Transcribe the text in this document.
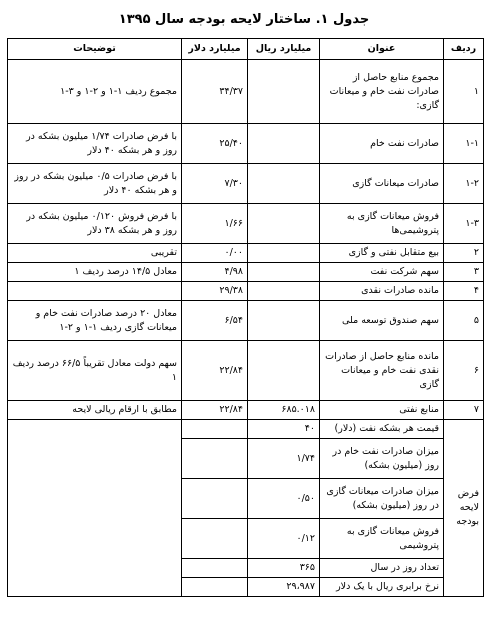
جدول ۱. ساختار لایحه بودجه سال ۱۳۹۵
ردیف	عنوان	میلیارد ریال	میلیارد دلار	توضیحات
۱	مجموع منابع حاصل از صادرات نفت خام و میعانات گازی:		۳۴/۳۷	مجموع ردیف ۱-۱ و ۲-۱ و ۳-۱
۱-۱	صادرات نفت خام		۲۵/۴۰	با فرض صادرات ۱/۷۴ میلیون بشکه در روز و هر بشکه ۴۰ دلار
۱-۲	صادرات میعانات گازی		۷/۳۰	با فرض صادرات ۰/۵ میلیون بشکه در روز و هر بشکه ۴۰ دلار
۱-۳	فروش میعانات گازی به پتروشیمی‌ها		۱/۶۶	با فرض فروش ۰/۱۲۰ میلیون بشکه در روز و هر بشکه ۳۸ دلار
۲	بیع متقابل نفتی و گازی		۰/۰۰	تقریبی
۳	سهم شرکت نفت		۴/۹۸	معادل ۱۴/۵ درصد ردیف ۱
۴	مانده صادرات نقدی		۲۹/۳۸	
۵	سهم صندوق توسعه ملی		۶/۵۴	معادل ۲۰ درصد صادرات نفت خام و میعانات گازی ردیف ۱-۱ و ۲-۱
۶	مانده منابع حاصل از صادرات نقدی نفت خام و میعانات گازی		۲۲/۸۴	سهم دولت معادل تقریباً ۶۶/۵ درصد ردیف ۱
۷	منابع نفتی	۶۸۵.۰۱۸	۲۲/۸۴	مطابق با ارقام ریالی لایحه
فرض لایحه بودجه	قیمت هر بشکه نفت (دلار)	۴۰		
	میزان صادرات نفت خام در روز (میلیون بشکه)	۱/۷۴		
	میزان صادرات میعانات گازی در روز (میلیون بشکه)	۰/۵۰		
	فروش میعانات گازی به پتروشیمی	۰/۱۲		
	تعداد روز در سال	۳۶۵		
	نرخ برابری ریال با یک دلار	۲۹،۹۸۷		
